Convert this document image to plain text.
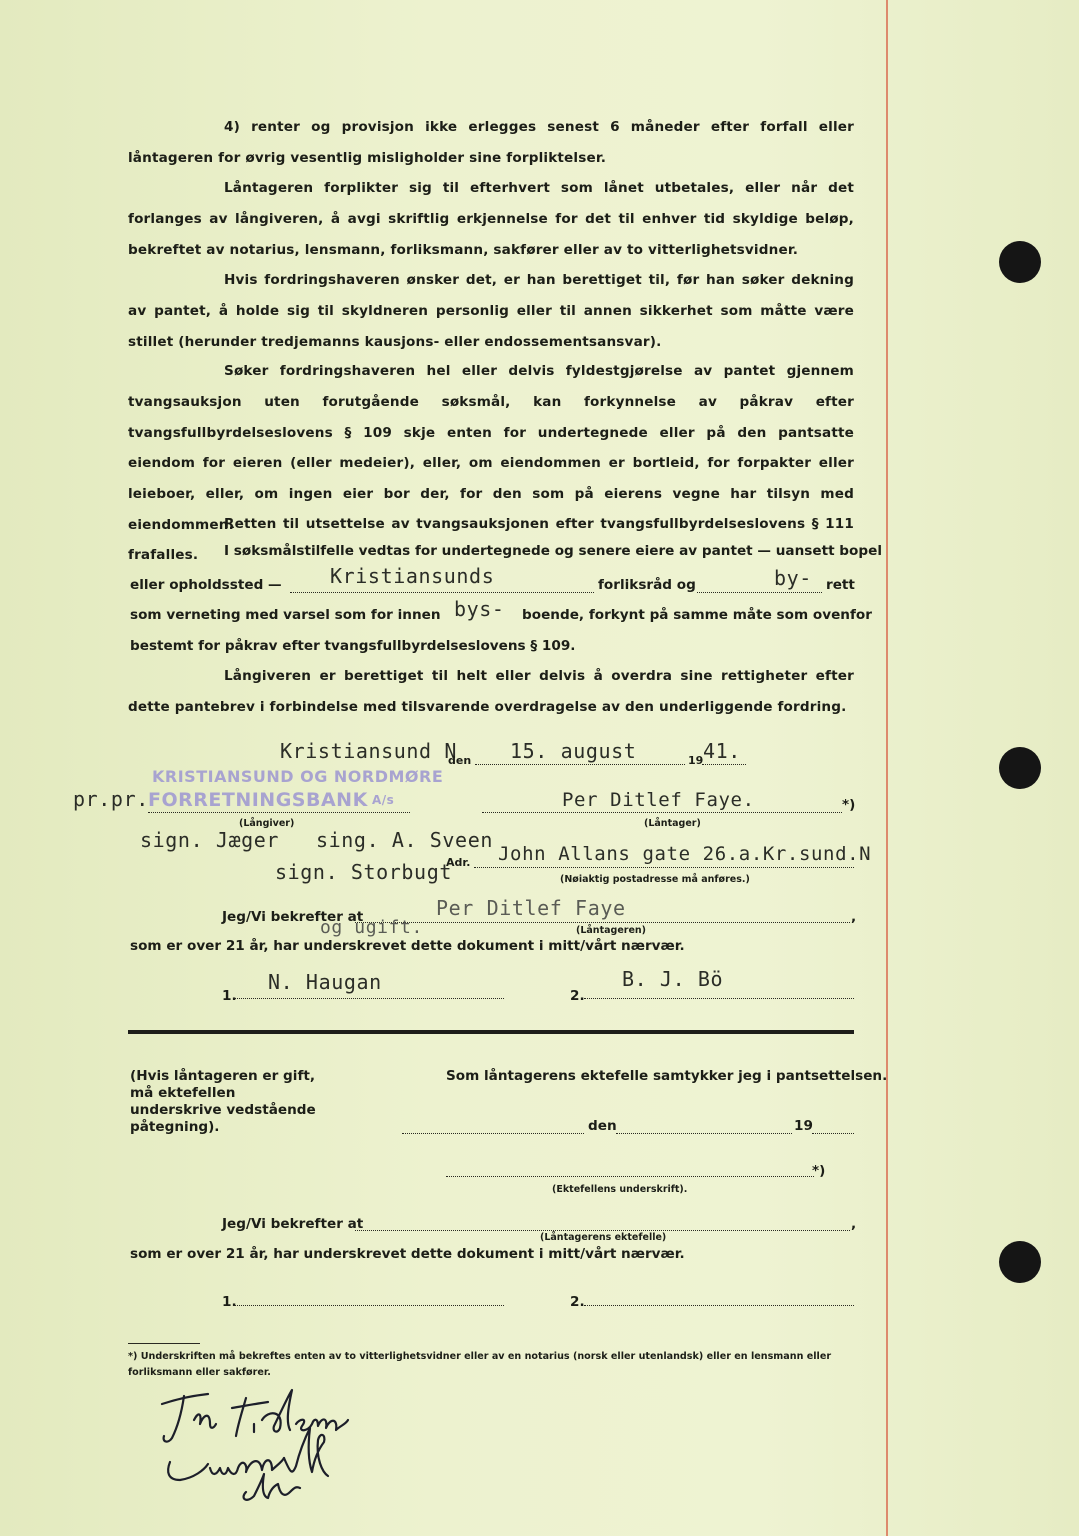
4) renter og provisjon ikke erlegges senest 6 måneder efter forfall eller låntageren for øvrig vesentlig misligholder sine forpliktelser.

Låntageren forplikter sig til efterhvert som lånet utbetales, eller når det forlanges av långiveren, å avgi skriftlig erkjennelse for det til enhver tid skyldige beløp, bekreftet av notarius, lensmann, forliksmann, sakfører eller av to vitterlighetsvidner.

Hvis fordringshaveren ønsker det, er han berettiget til, før han søker dekning av pantet, å holde sig til skyldneren personlig eller til annen sikkerhet som måtte være stillet (herunder tredjemanns kausjons- eller endossementsansvar).

Søker fordringshaveren hel eller delvis fyldestgjørelse av pantet gjennem tvangsauksjon uten forutgående søksmål, kan forkynnelse av påkrav efter tvangsfullbyrdelseslovens § 109 skje enten for undertegnede eller på den pantsatte eiendom for eieren (eller medeier), eller, om eiendommen er bortleid, for forpakter eller leieboer, eller, om ingen eier bor der, for den som på eierens vegne har tilsyn med eiendommen.

Retten til utsettelse av tvangsauksjonen efter tvangsfullbyrdelseslovens § 111 frafalles.	I søksmålstilfelle vedtas for undertegnede og senere eiere av pantet — uansett bopel
eller opholdssted — Kristiansunds	forliksråd og	by- rett
som verneting med varsel som for innen bys- boende, forkynt på samme måte som ovenfor
bestemt for påkrav efter tvangsfullbyrdelseslovens § 109.

Långiveren er berettiget til helt eller delvis å overdra sine rettigheter efter dette pantebrev i forbindelse med tilsvarende overdragelse av den underliggende fordring.

Kristiansund N
den 15. august	19 41.
pr.pr.
KRISTIANSUND OG NORDMØRE
FORRETNINGSBANK A/s
(Långiver)
Per Ditlef Faye.	*)
(Låntager)
sign. Jæger sing. A. Sveen
sign. Storbugt
Adr. John Allans gate 26.a.Kr.sund.N
(Nøiaktig postadresse må anføres.)
Jeg/Vi bekrefter at	,
Per Ditlef Faye
og ugift.	(Låntageren)
som er over 21 år, har underskrevet dette dokument i mitt/vårt nærvær.
1.
N. Haugan
2.
B. J. Bö
(Hvis låntageren er gift, må ektefellen underskrive vedstående påtegning).
Som låntagerens ektefelle samtykker jeg i pantsettelsen.
den	19
*)
(Ektefellens underskrift).
Jeg/Vi bekrefter at	,
(Låntagerens ektefelle)
som er over 21 år, har underskrevet dette dokument i mitt/vårt nærvær.
1.	2.
*) Underskriften må bekreftes enten av to vitterlighetsvidner eller av en notarius (norsk eller utenlandsk) eller en lensmann eller forliksmann eller sakfører.
